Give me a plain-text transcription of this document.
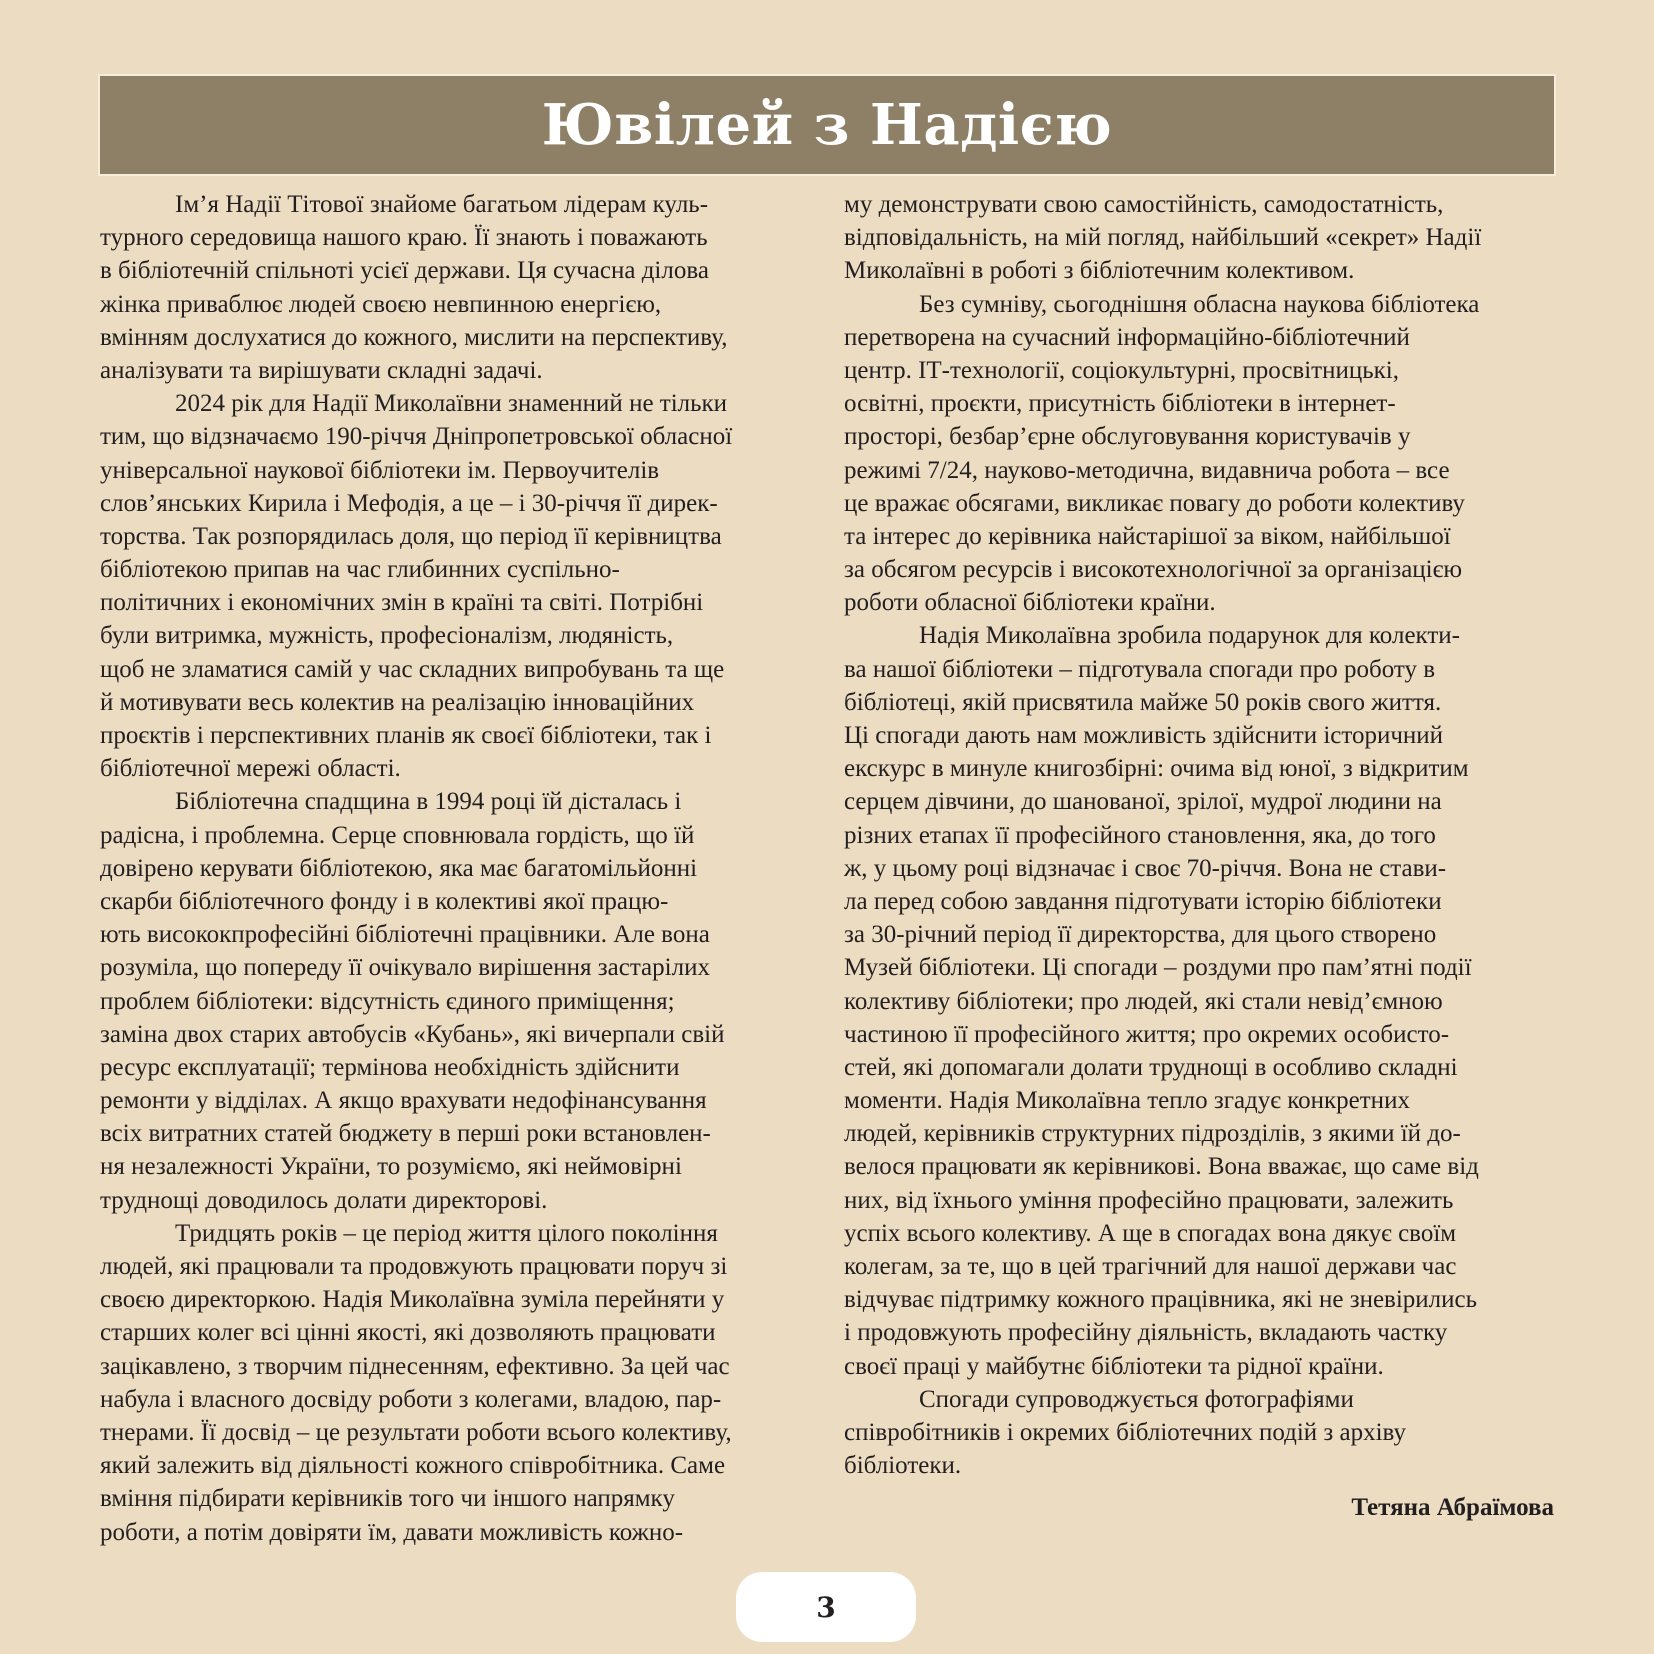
Ювілей з Надією
Ім’я Надії Тітової знайоме багатьом лідерам куль-
турного середовища нашого краю. Її знають і поважають
в бібліотечній спільноті усієї держави. Ця сучасна ділова
жінка приваблює людей своєю невпинною енергією,
вмінням дослухатися до кожного, мислити на перспективу,
аналізувати та вирішувати складні задачі.
2024 рік для Надії Миколаївни знаменний не тільки
тим, що відзначаємо 190-річчя Дніпропетровської обласної
універсальної наукової бібліотеки ім. Первоучителів
слов’янських Кирила і Мефодія, а це – і 30-річчя її дирек-
торства. Так розпорядилась доля, що період її керівництва
бібліотекою припав на час глибинних суспільно-
політичних і економічних змін в країні та світі. Потрібні
були витримка, мужність, професіоналізм, людяність,
щоб не зламатися самій у час складних випробувань та ще
й мотивувати весь колектив на реалізацію інноваційних
проєктів і перспективних планів як своєї бібліотеки, так і
бібліотечної мережі області.
Бібліотечна спадщина в 1994 році їй дісталась і
радісна, і проблемна. Серце сповнювала гордість, що їй
довірено керувати бібліотекою, яка має багатомільйонні
скарби бібліотечного фонду і в колективі якої працю-
ють висококпрофесійні бібліотечні працівники. Але вона
розуміла, що попереду її очікувало вирішення застарілих
проблем бібліотеки: відсутність єдиного приміщення;
заміна двох старих автобусів «Кубань», які вичерпали свій
ресурс експлуатації; термінова необхідність здійснити
ремонти у відділах. А якщо врахувати недофінансування
всіх витратних статей бюджету в перші роки встановлен-
ня незалежності України, то розуміємо, які неймовірні
труднощі доводилось долати директорові.
Тридцять років – це період життя цілого покоління
людей, які працювали та продовжують працювати поруч зі
своєю директоркою. Надія Миколаївна зуміла перейняти у
старших колег всі цінні якості, які дозволяють працювати
зацікавлено, з творчим піднесенням, ефективно. За цей час
набула і власного досвіду роботи з колегами, владою, пар-
тнерами. Її досвід – це результати роботи всього колективу,
який залежить від діяльності кожного співробітника. Саме
вміння підбирати керівників того чи іншого напрямку
роботи, а потім довіряти їм, давати можливість кожно-
му демонструвати свою самостійність, самодостатність,
відповідальність, на мій погляд, найбільший «секрет» Надії
Миколаївні в роботі з бібліотечним колективом.
Без сумніву, сьогоднішня обласна наукова бібліотека
перетворена на сучасний інформаційно-бібліотечний
центр. ІТ-технології, соціокультурні, просвітницькі,
освітні, проєкти, присутність бібліотеки в інтернет-
просторі, безбар’єрне обслуговування користувачів у
режимі 7/24, науково-методична, видавнича робота – все
це вражає обсягами, викликає повагу до роботи колективу
та інтерес до керівника найстарішої за віком, найбільшої
за обсягом ресурсів і високотехнологічної за організацією
роботи обласної бібліотеки країни.
Надія Миколаївна зробила подарунок для колекти-
ва нашої бібліотеки – підготувала спогади про роботу в
бібліотеці, якій присвятила майже 50 років свого життя.
Ці спогади дають нам можливість здійснити історичний
екскурс в минуле книгозбірні: очима від юної, з відкритим
серцем дівчини, до шанованої, зрілої, мудрої людини на
різних етапах її професійного становлення, яка, до того
ж, у цьому році відзначає і своє 70-річчя. Вона не стави-
ла перед собою завдання підготувати історію бібліотеки
за 30-річний період її директорства, для цього створено
Музей бібліотеки. Ці спогади – роздуми про пам’ятні події
колективу бібліотеки; про людей, які стали невід’ємною
частиною її професійного життя; про окремих особисто-
стей, які допомагали долати труднощі в особливо складні
моменти. Надія Миколаївна тепло згадує конкретних
людей, керівників структурних підрозділів, з якими їй до-
велося працювати як керівникові. Вона вважає, що саме від
них, від їхнього уміння професійно працювати, залежить
успіх всього колективу. А ще в спогадах вона дякує своїм
колегам, за те, що в цей трагічний для нашої держави час
відчуває підтримку кожного працівника, які не зневірились
і продовжують професійну діяльність, вкладають частку
своєї праці у майбутнє бібліотеки та рідної країни.
Спогади супроводжується фотографіями
співробітників і окремих бібліотечних подій з архіву
бібліотеки.
Тетяна Абраїмова
3
